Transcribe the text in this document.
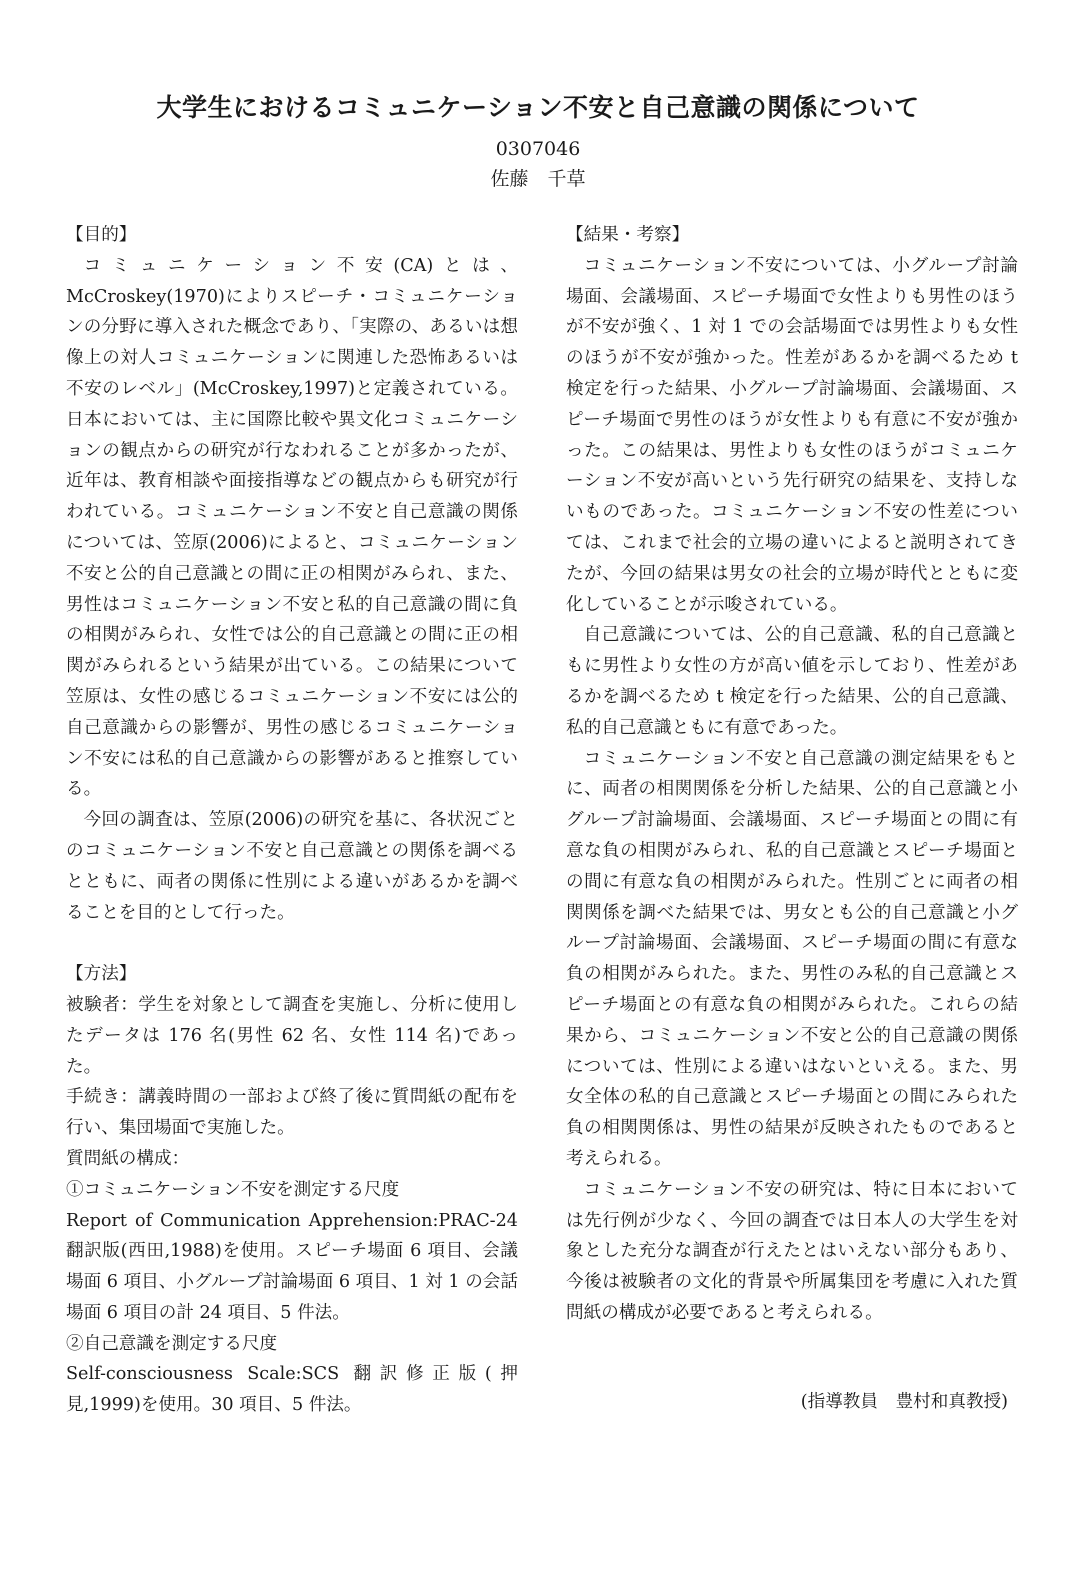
大学生におけるコミュニケーション不安と自己意識の関係について
0307046
佐藤　千草
【目的】

コミュニケーション不安(CA)とは、McCroskey(1970)によりスピーチ・コミュニケーションの分野に導入された概念であり、「実際の、あるいは想像上の対人コミュニケーションに関連した恐怖あるいは不安のレベル」(McCroskey,1997)と定義されている。日本においては、主に国際比較や異文化コミュニケーションの観点からの研究が行なわれることが多かったが、近年は、教育相談や面接指導などの観点からも研究が行われている。コミュニケーション不安と自己意識の関係については、笠原(2006)によると、コミュニケーション不安と公的自己意識との間に正の相関がみられ、また、男性はコミュニケーション不安と私的自己意識の間に負の相関がみられ、女性では公的自己意識との間に正の相関がみられるという結果が出ている。この結果について笠原は、女性の感じるコミュニケーション不安には公的自己意識からの影響が、男性の感じるコミュニケーション不安には私的自己意識からの影響があると推察している。

今回の調査は、笠原(2006)の研究を基に、各状況ごとのコミュニケーション不安と自己意識との関係を調べるとともに、両者の関係に性別による違いがあるかを調べることを目的として行った。

【方法】

被験者：学生を対象として調査を実施し、分析に使用したデータは 176 名(男性 62 名、女性 114 名)であった。

手続き：講義時間の一部および終了後に質問紙の配布を行い、集団場面で実施した。

質問紙の構成：

①コミュニケーション不安を測定する尺度

Report of Communication Apprehension:PRAC-24 翻訳版(西田,1988)を使用。スピーチ場面 6 項目、会議場面 6 項目、小グループ討論場面 6 項目、1 対 1 の会話場面 6 項目の計 24 項目、5 件法。

②自己意識を測定する尺度

Self-consciousness Scale:SCS 翻訳修正版(押見,1999)を使用。30 項目、5 件法。

【結果・考察】

コミュニケーション不安については、小グループ討論場面、会議場面、スピーチ場面で女性よりも男性のほうが不安が強く、1 対 1 での会話場面では男性よりも女性のほうが不安が強かった。性差があるかを調べるため t 検定を行った結果、小グループ討論場面、会議場面、スピーチ場面で男性のほうが女性よりも有意に不安が強かった。この結果は、男性よりも女性のほうがコミュニケーション不安が高いという先行研究の結果を、支持しないものであった。コミュニケーション不安の性差については、これまで社会的立場の違いによると説明されてきたが、今回の結果は男女の社会的立場が時代とともに変化していることが示唆されている。

自己意識については、公的自己意識、私的自己意識ともに男性より女性の方が高い値を示しており、性差があるかを調べるため t 検定を行った結果、公的自己意識、私的自己意識ともに有意であった。

コミュニケーション不安と自己意識の測定結果をもとに、両者の相関関係を分析した結果、公的自己意識と小グループ討論場面、会議場面、スピーチ場面との間に有意な負の相関がみられ、私的自己意識とスピーチ場面との間に有意な負の相関がみられた。性別ごとに両者の相関関係を調べた結果では、男女とも公的自己意識と小グループ討論場面、会議場面、スピーチ場面の間に有意な負の相関がみられた。また、男性のみ私的自己意識とスピーチ場面との有意な負の相関がみられた。これらの結果から、コミュニケーション不安と公的自己意識の関係については、性別による違いはないといえる。また、男女全体の私的自己意識とスピーチ場面との間にみられた負の相関関係は、男性の結果が反映されたものであると考えられる。

コミュニケーション不安の研究は、特に日本においては先行例が少なく、今回の調査では日本人の大学生を対象とした充分な調査が行えたとはいえない部分もあり、今後は被験者の文化的背景や所属集団を考慮に入れた質問紙の構成が必要であると考えられる。

(指導教員　豊村和真教授)
